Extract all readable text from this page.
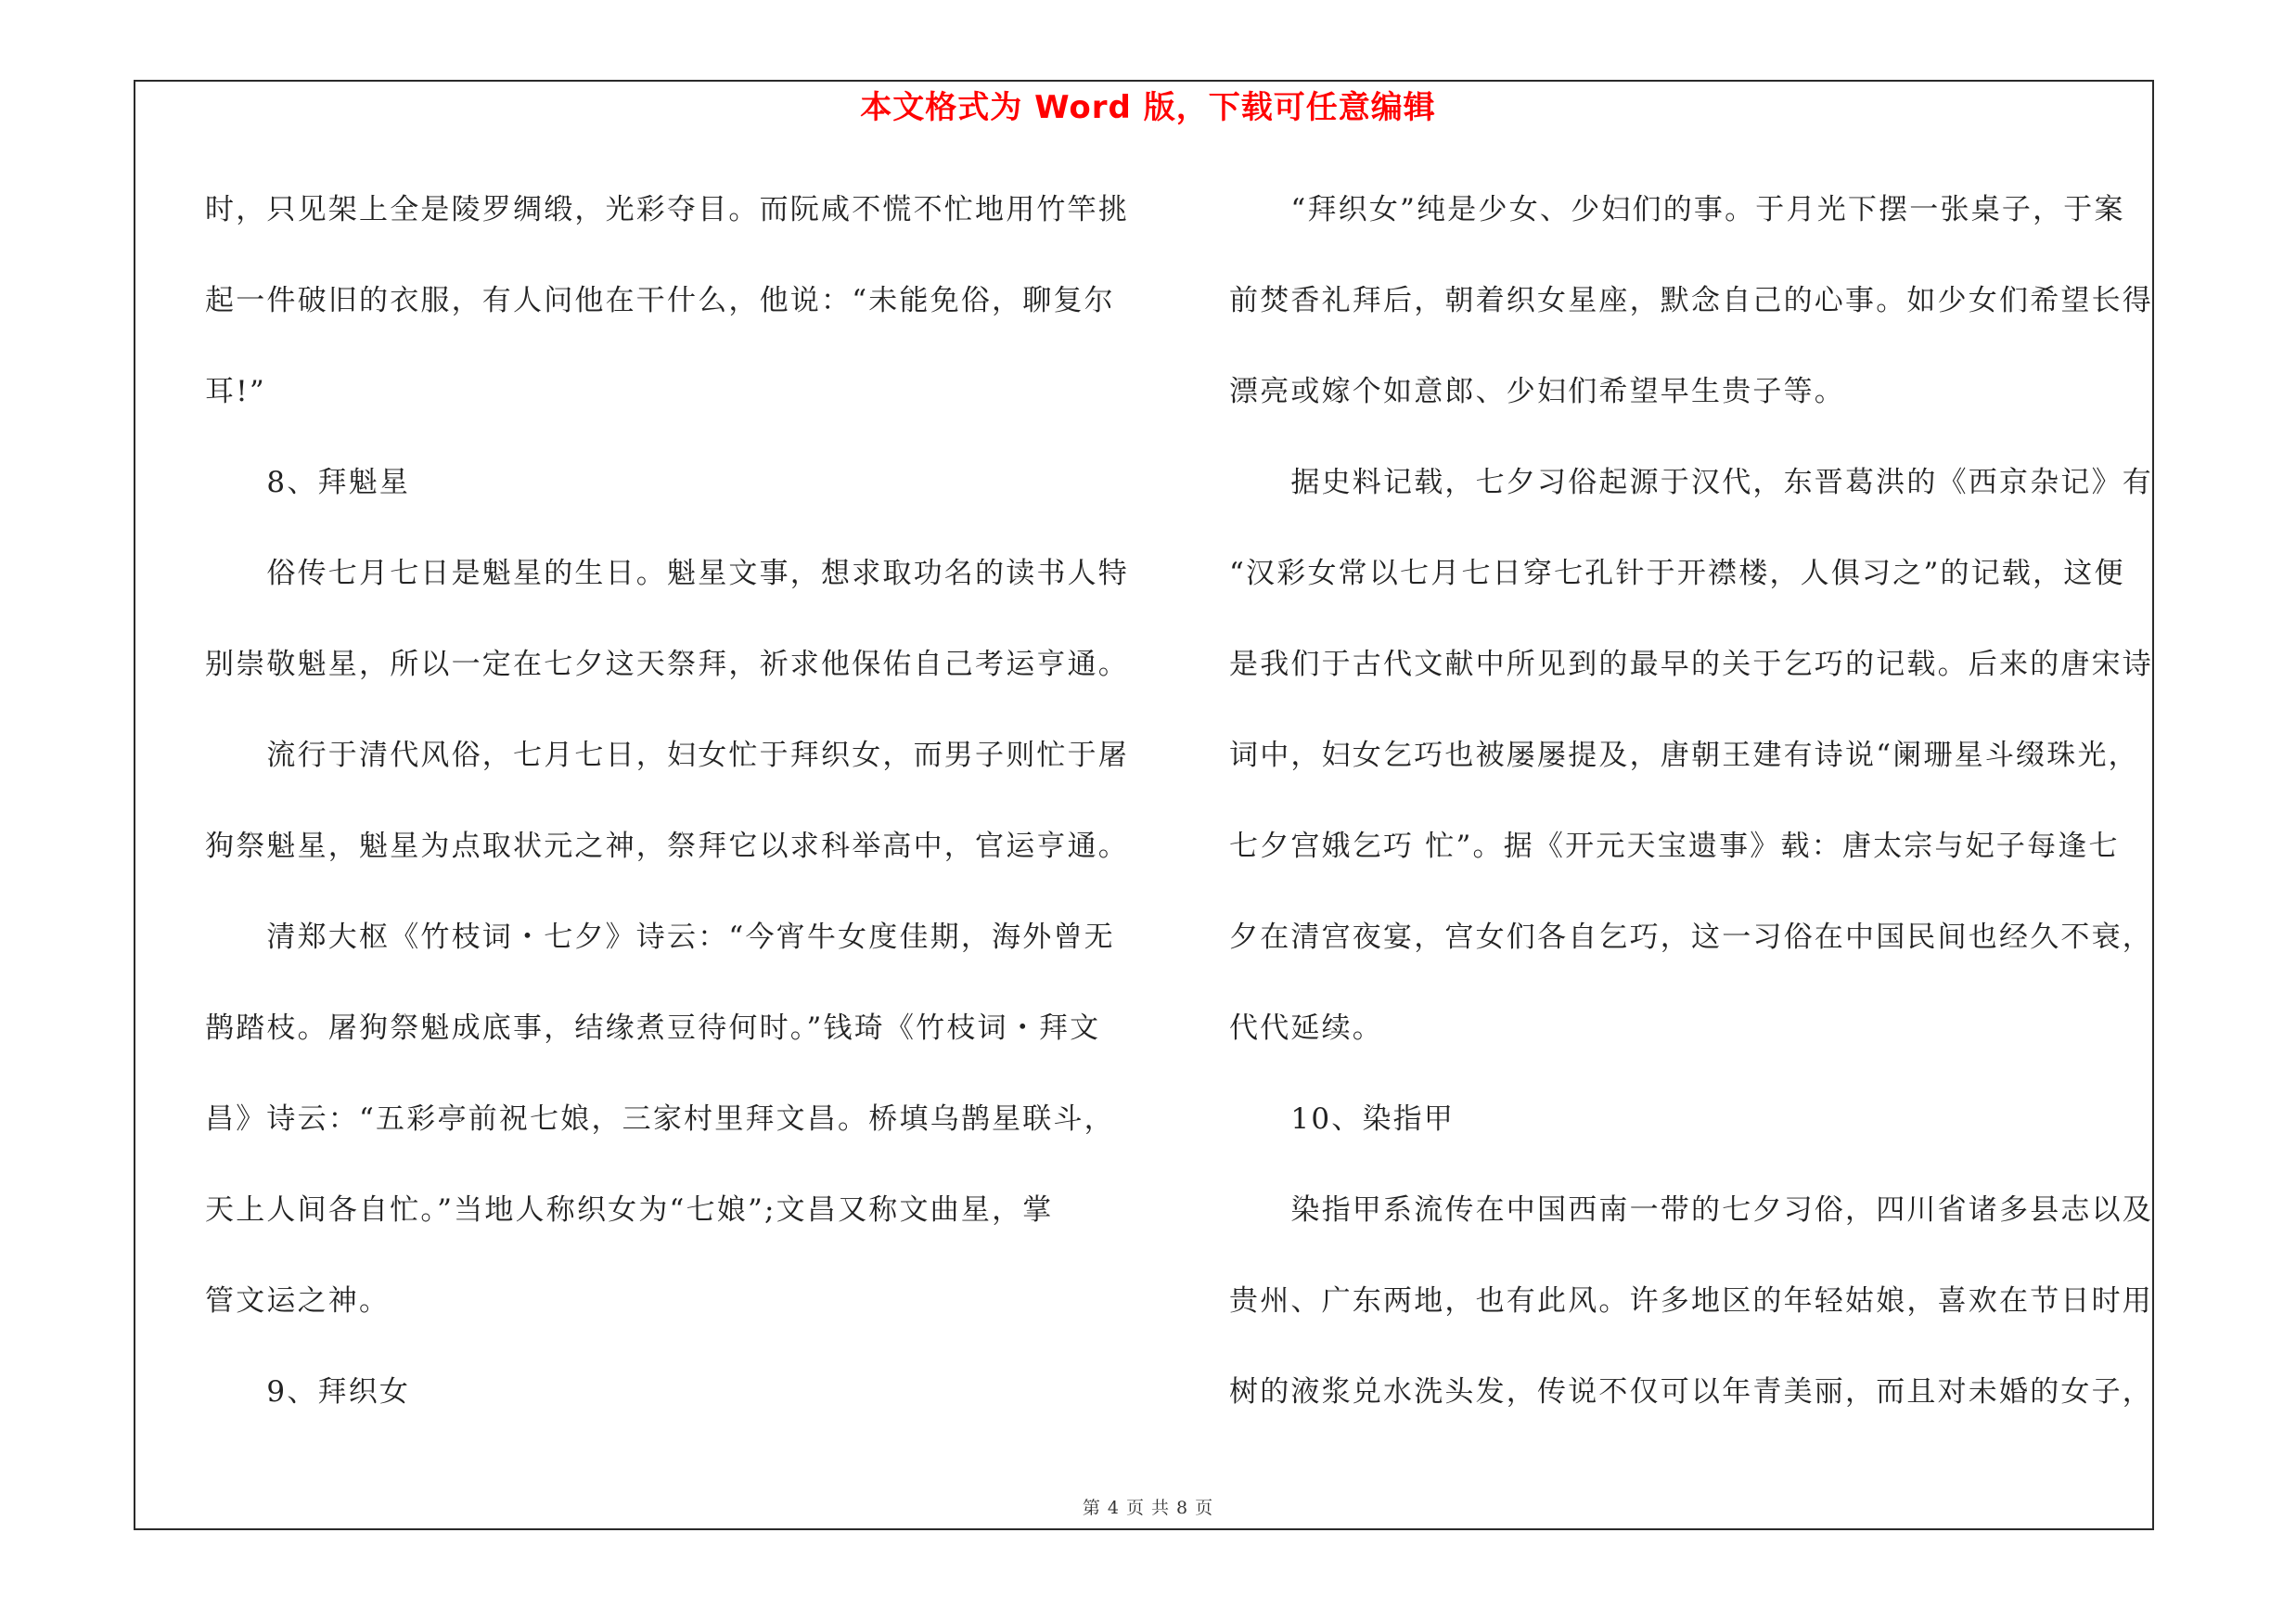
本文格式为 Word 版，下载可任意编辑
时，只见架上全是陵罗绸缎，光彩夺目。而阮咸不慌不忙地用竹竿挑
起一件破旧的衣服，有人问他在干什么，他说：“未能免俗，聊复尔
耳!”
　　8、拜魁星
　　俗传七月七日是魁星的生日。魁星文事，想求取功名的读书人特
别崇敬魁星，所以一定在七夕这天祭拜，祈求他保佑自己考运亨通。
　　流行于清代风俗，七月七日，妇女忙于拜织女，而男子则忙于屠
狗祭魁星，魁星为点取状元之神，祭拜它以求科举高中，官运亨通。
　　清郑大枢《竹枝词・七夕》诗云：“今宵牛女度佳期，海外曾无
鹊踏枝。屠狗祭魁成底事，结缘煮豆待何时。”钱琦《竹枝词・拜文
昌》诗云：“五彩亭前祝七娘，三家村里拜文昌。桥填乌鹊星联斗，
天上人间各自忙。”当地人称织女为“七娘”;文昌又称文曲星，掌
管文运之神。
　　9、拜织女
　　“拜织女”纯是少女、少妇们的事。于月光下摆一张桌子，于案
前焚香礼拜后，朝着织女星座，默念自己的心事。如少女们希望长得
漂亮或嫁个如意郎、少妇们希望早生贵子等。
　　据史料记载，七夕习俗起源于汉代，东晋葛洪的《西京杂记》有
“汉彩女常以七月七日穿七孔针于开襟楼，人俱习之”的记载，这便
是我们于古代文献中所见到的最早的关于乞巧的记载。后来的唐宋诗
词中，妇女乞巧也被屡屡提及，唐朝王建有诗说“阑珊星斗缀珠光，
七夕宫娥乞巧 忙”。据《开元天宝遗事》载：唐太宗与妃子每逢七
夕在清宫夜宴，宫女们各自乞巧，这一习俗在中国民间也经久不衰，
代代延续。
　　10、染指甲
　　染指甲系流传在中国西南一带的七夕习俗，四川省诸多县志以及
贵州、广东两地，也有此风。许多地区的年轻姑娘，喜欢在节日时用
树的液浆兑水洗头发，传说不仅可以年青美丽，而且对未婚的女子，
第 4 页 共 8 页
